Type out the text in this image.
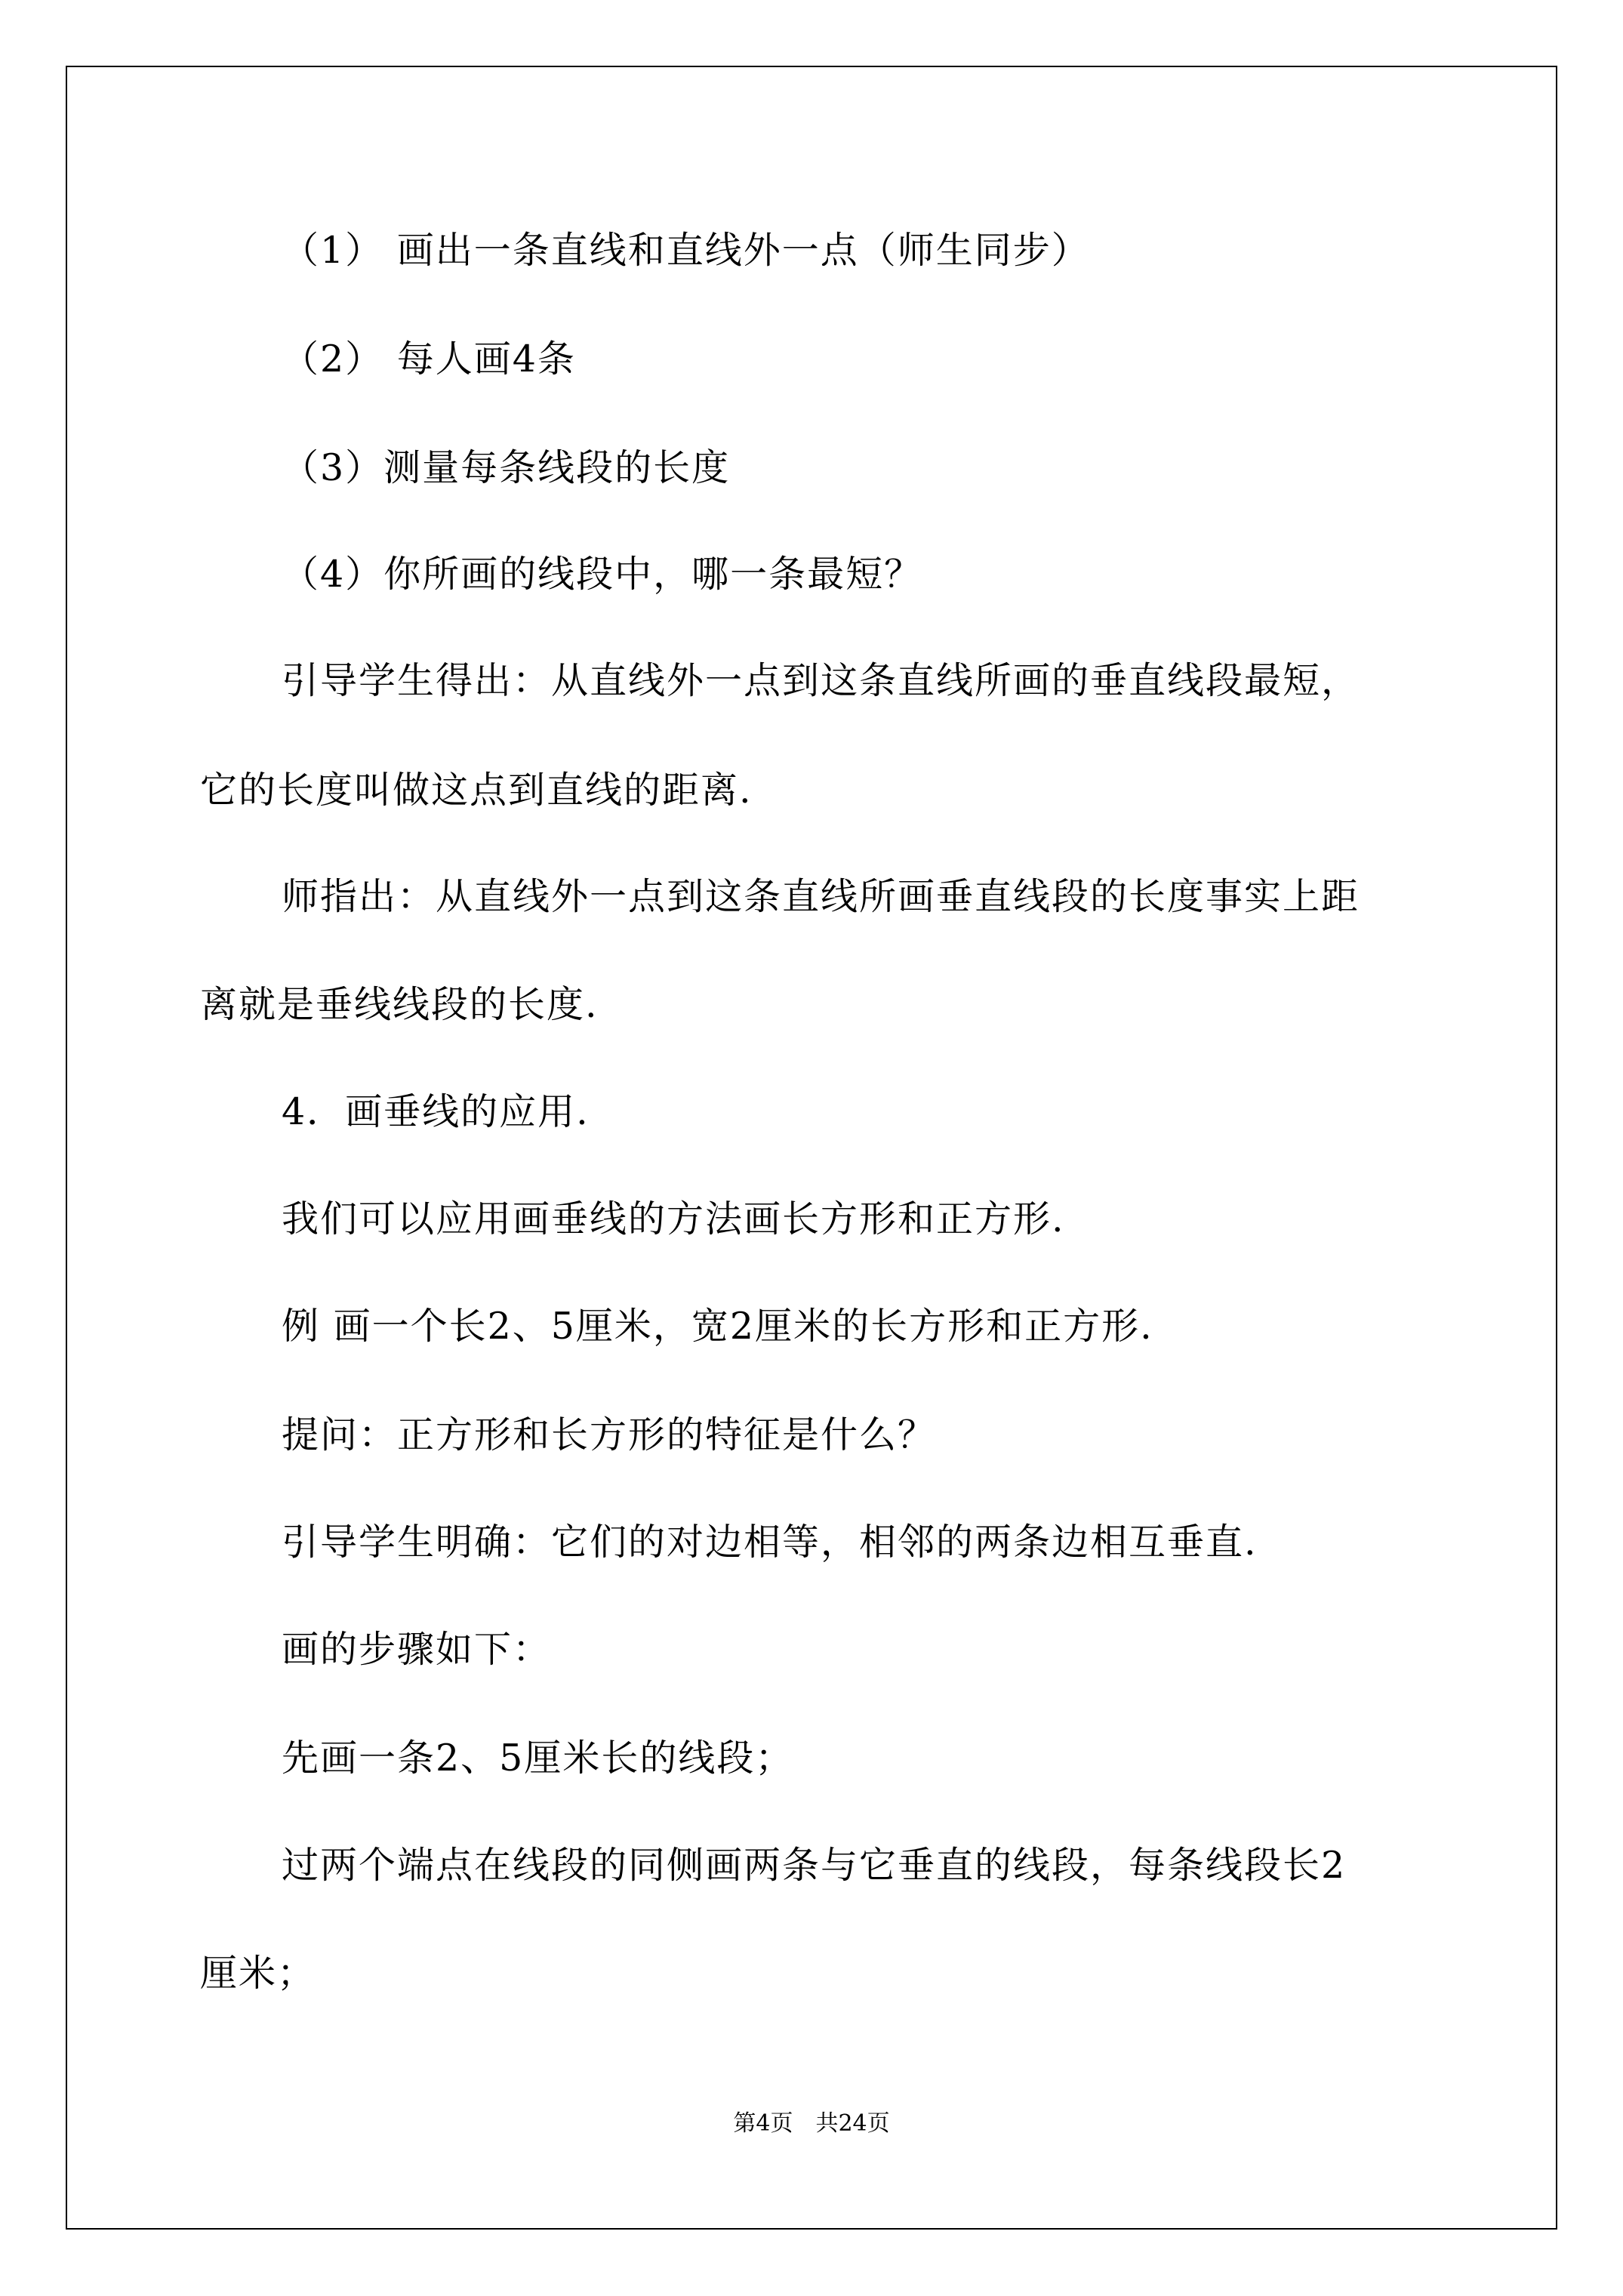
（1） 画出一条直线和直线外一点（师生同步）
（2） 每人画4条
（3）测量每条线段的长度
（4）你所画的线段中，哪一条最短？
引导学生得出：从直线外一点到这条直线所画的垂直线段最短，
它的长度叫做这点到直线的距离.
师指出：从直线外一点到这条直线所画垂直线段的长度事实上距
离就是垂线线段的长度.
4．画垂线的应用.
我们可以应用画垂线的方法画长方形和正方形.
例 画一个长2、5厘米，宽2厘米的长方形和正方形.
提问：正方形和长方形的特征是什么？
引导学生明确：它们的对边相等，相邻的两条边相互垂直.
画的步骤如下：
先画一条2、5厘米长的线段；
过两个端点在线段的同侧画两条与它垂直的线段，每条线段长2
厘米；
第4页　共24页
